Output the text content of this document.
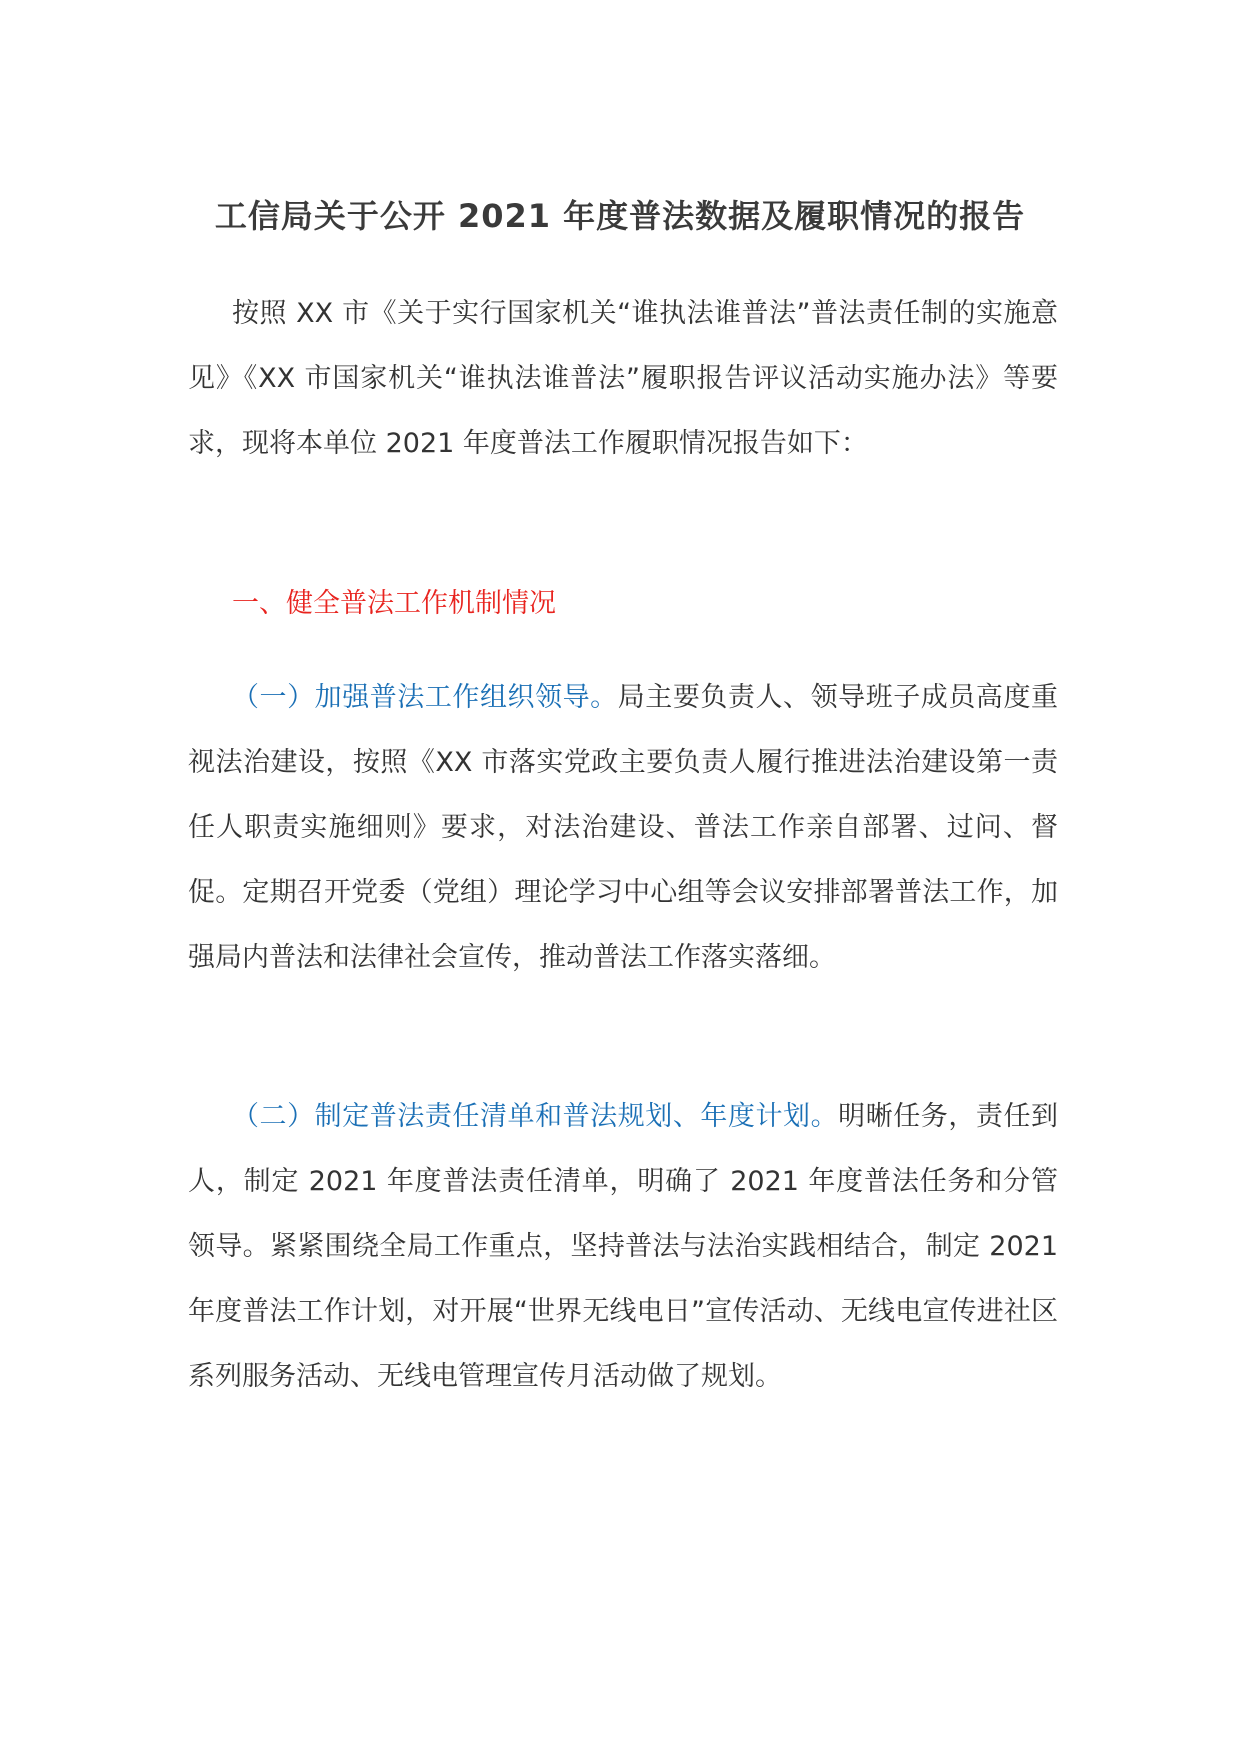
工信局关于公开 2021 年度普法数据及履职情况的报告

按照 XX 市《关于实行国家机关“谁执法谁普法”普法责任制的实施意见》《XX 市国家机关“谁执法谁普法”履职报告评议活动实施办法》等要求，现将本单位 2021 年度普法工作履职情况报告如下：

一、健全普法工作机制情况

（一）加强普法工作组织领导。局主要负责人、领导班子成员高度重视法治建设，按照《XX 市落实党政主要负责人履行推进法治建设第一责任人职责实施细则》要求，对法治建设、普法工作亲自部署、过问、督促。定期召开党委（党组）理论学习中心组等会议安排部署普法工作，加强局内普法和法律社会宣传，推动普法工作落实落细。

（二）制定普法责任清单和普法规划、年度计划。明晰任务，责任到人，制定 2021 年度普法责任清单，明确了 2021 年度普法任务和分管领导。紧紧围绕全局工作重点，坚持普法与法治实践相结合，制定 2021 年度普法工作计划，对开展“世界无线电日”宣传活动、无线电宣传进社区系列服务活动、无线电管理宣传月活动做了规划。
